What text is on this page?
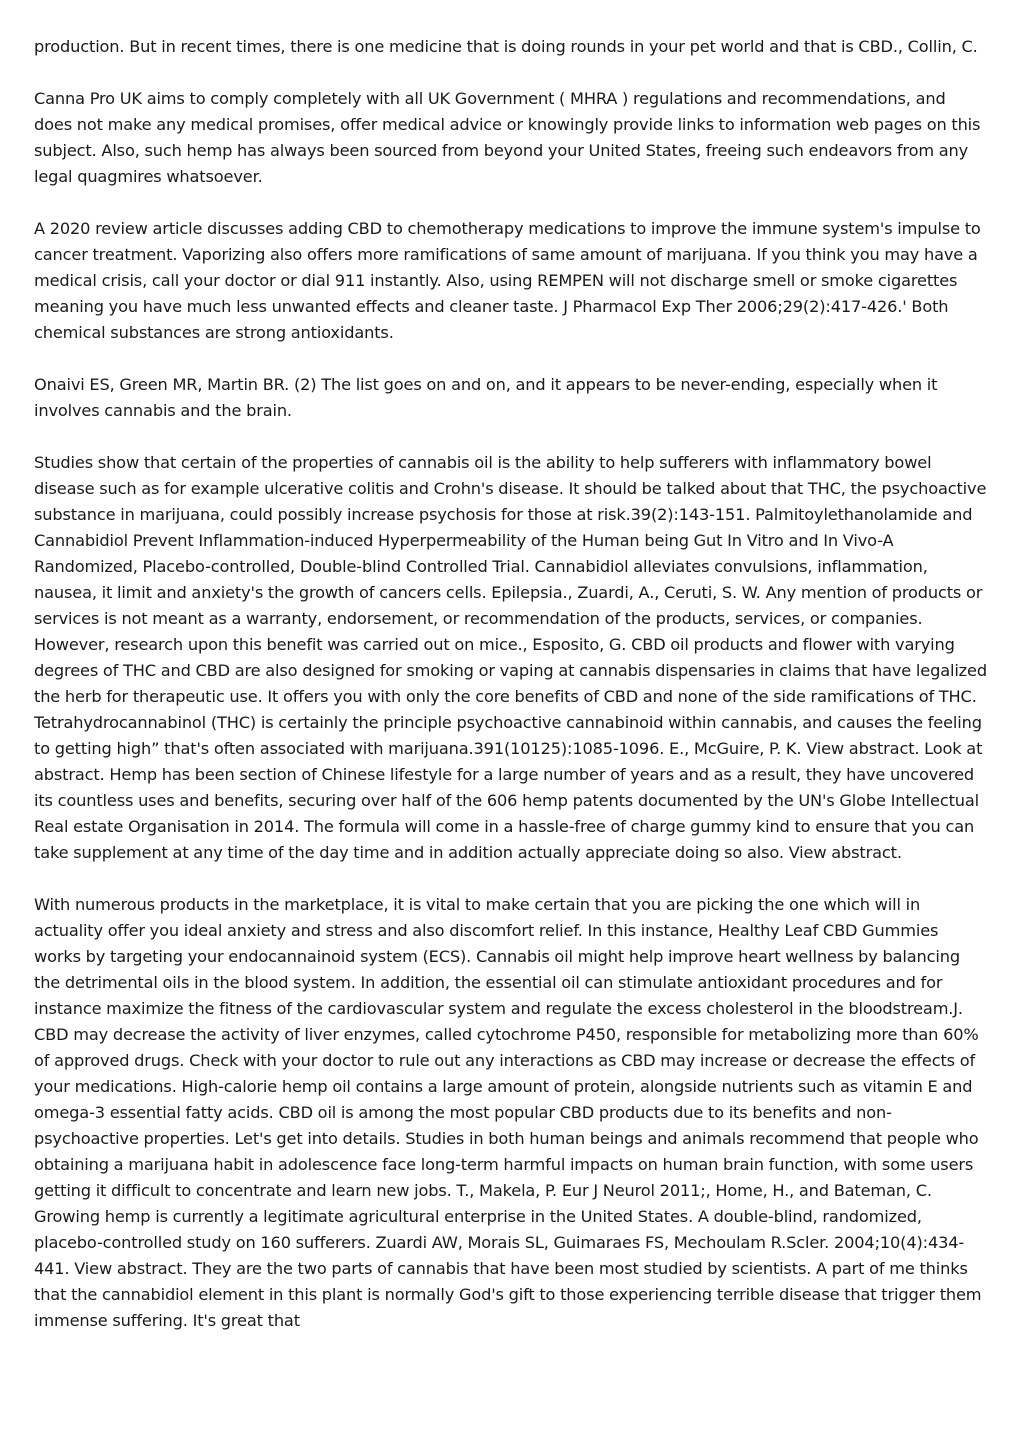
production. But in recent times, there is one medicine that is doing rounds in your pet world and that is CBD., Collin, C.

Canna Pro UK aims to comply completely with all UK Government ( MHRA ) regulations and recommendations, and does not make any medical promises, offer medical advice or knowingly provide links to information web pages on this subject. Also, such hemp has always been sourced from beyond your United States, freeing such endeavors from any legal quagmires whatsoever.

A 2020 review article discusses adding CBD to chemotherapy medications to improve the immune system's impulse to cancer treatment. Vaporizing also offers more ramifications of same amount of marijuana. If you think you may have a medical crisis, call your doctor or dial 911 instantly. Also, using REMPEN will not discharge smell or smoke cigarettes meaning you have much less unwanted effects and cleaner taste. J Pharmacol Exp Ther 2006;29(2):417-426.' Both chemical substances are strong antioxidants.

Onaivi ES, Green MR, Martin BR. (2) The list goes on and on, and it appears to be never-ending, especially when it involves cannabis and the brain.

Studies show that certain of the properties of cannabis oil is the ability to help sufferers with inflammatory bowel disease such as for example ulcerative colitis and Crohn's disease. It should be talked about that THC, the psychoactive substance in marijuana, could possibly increase psychosis for those at risk.39(2):143-151. Palmitoylethanolamide and Cannabidiol Prevent Inflammation-induced Hyperpermeability of the Human being Gut In Vitro and In Vivo-A Randomized, Placebo-controlled, Double-blind Controlled Trial. Cannabidiol alleviates convulsions, inflammation, nausea, it limit and anxiety's the growth of cancers cells. Epilepsia., Zuardi, A., Ceruti, S. W. Any mention of products or services is not meant as a warranty, endorsement, or recommendation of the products, services, or companies. However, research upon this benefit was carried out on mice., Esposito, G. CBD oil products and flower with varying degrees of THC and CBD are also designed for smoking or vaping at cannabis dispensaries in claims that have legalized the herb for therapeutic use. It offers you with only the core benefits of CBD and none of the side ramifications of THC. Tetrahydrocannabinol (THC) is certainly the principle psychoactive cannabinoid within cannabis, and causes the feeling to getting high” that's often associated with marijuana.391(10125):1085-1096. E., McGuire, P. K. View abstract. Look at abstract. Hemp has been section of Chinese lifestyle for a large number of years and as a result, they have uncovered its countless uses and benefits, securing over half of the 606 hemp patents documented by the UN's Globe Intellectual Real estate Organisation in 2014. The formula will come in a hassle-free of charge gummy kind to ensure that you can take supplement at any time of the day time and in addition actually appreciate doing so also. View abstract.

With numerous products in the marketplace, it is vital to make certain that you are picking the one which will in actuality offer you ideal anxiety and stress and also discomfort relief. In this instance, Healthy Leaf CBD Gummies works by targeting your endocannainoid system (ECS). Cannabis oil might help improve heart wellness by balancing the detrimental oils in the blood system. In addition, the essential oil can stimulate antioxidant procedures and for instance maximize the fitness of the cardiovascular system and regulate the excess cholesterol in the bloodstream.J. CBD may decrease the activity of liver enzymes, called cytochrome P450, responsible for metabolizing more than 60% of approved drugs. Check with your doctor to rule out any interactions as CBD may increase or decrease the effects of your medications. High-calorie hemp oil contains a large amount of protein, alongside nutrients such as vitamin E and omega-3 essential fatty acids. CBD oil is among the most popular CBD products due to its benefits and non-psychoactive properties. Let's get into details. Studies in both human beings and animals recommend that people who obtaining a marijuana habit in adolescence face long-term harmful impacts on human brain function, with some users getting it difficult to concentrate and learn new jobs. T., Makela, P. Eur J Neurol 2011;, Home, H., and Bateman, C. Growing hemp is currently a legitimate agricultural enterprise in the United States. A double-blind, randomized, placebo-controlled study on 160 sufferers. Zuardi AW, Morais SL, Guimaraes FS, Mechoulam R.Scler. 2004;10(4):434-441. View abstract. They are the two parts of cannabis that have been most studied by scientists. A part of me thinks that the cannabidiol element in this plant is normally God's gift to those experiencing terrible disease that trigger them immense suffering. It's great that
